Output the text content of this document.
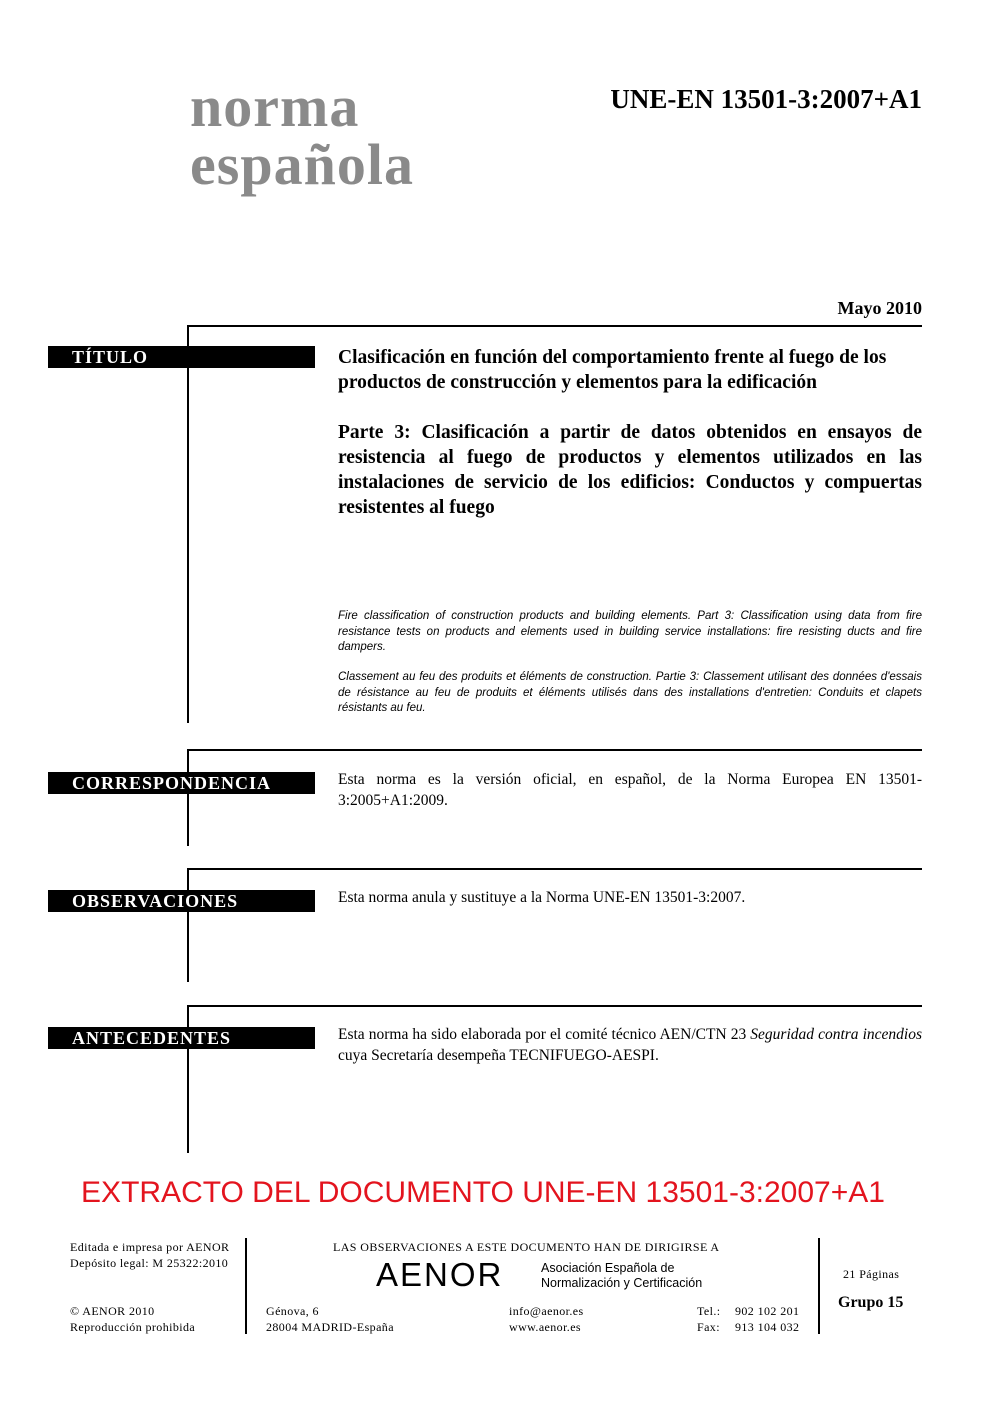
norma
española
UNE-EN 13501-3:2007+A1
Mayo 2010
TÍTULO	Clasificación en función del comportamiento frente al fuego de los productos de construcción y elementos para la edificación
Parte 3: Clasificación a partir de datos obtenidos en ensayos de resistencia al fuego de productos y elementos utilizados en las instalaciones de servicio de los edificios: Conductos y compuertas resistentes al fuego
Fire classification of construction products and building elements. Part 3: Classification using data from fire resistance tests on products and elements used in building service installations: fire resisting ducts and fire dampers.
Classement au feu des produits et éléments de construction. Partie 3: Classement utilisant des données d'essais de résistance au feu de produits et éléments utilisés dans des installations d'entretien: Conduits et clapets résistants au feu.
CORRESPONDENCIA	Esta norma es la versión oficial, en español, de la Norma Europea EN 13501-3:2005+A1:2009.
OBSERVACIONES	Esta norma anula y sustituye a la Norma UNE-EN 13501-3:2007.
ANTECEDENTES	Esta norma ha sido elaborada por el comité técnico AEN/CTN 23 Seguridad contra incendios cuya Secretaría desempeña TECNIFUEGO-AESPI.
EXTRACTO DEL DOCUMENTO UNE-EN 13501-3:2007+A1
Editada e impresa por AENOR
Depósito legal: M 25322:2010
© AENOR 2010
Reproducción prohibida
LAS OBSERVACIONES A ESTE DOCUMENTO HAN DE DIRIGIRSE A
AENOR	Asociación Española de
Normalización y Certificación
Génova, 6
28004 MADRID-España
info@aenor.es
www.aenor.es
Tel.: 902 102 201
Fax: 913 104 032
21 Páginas
Grupo 15
